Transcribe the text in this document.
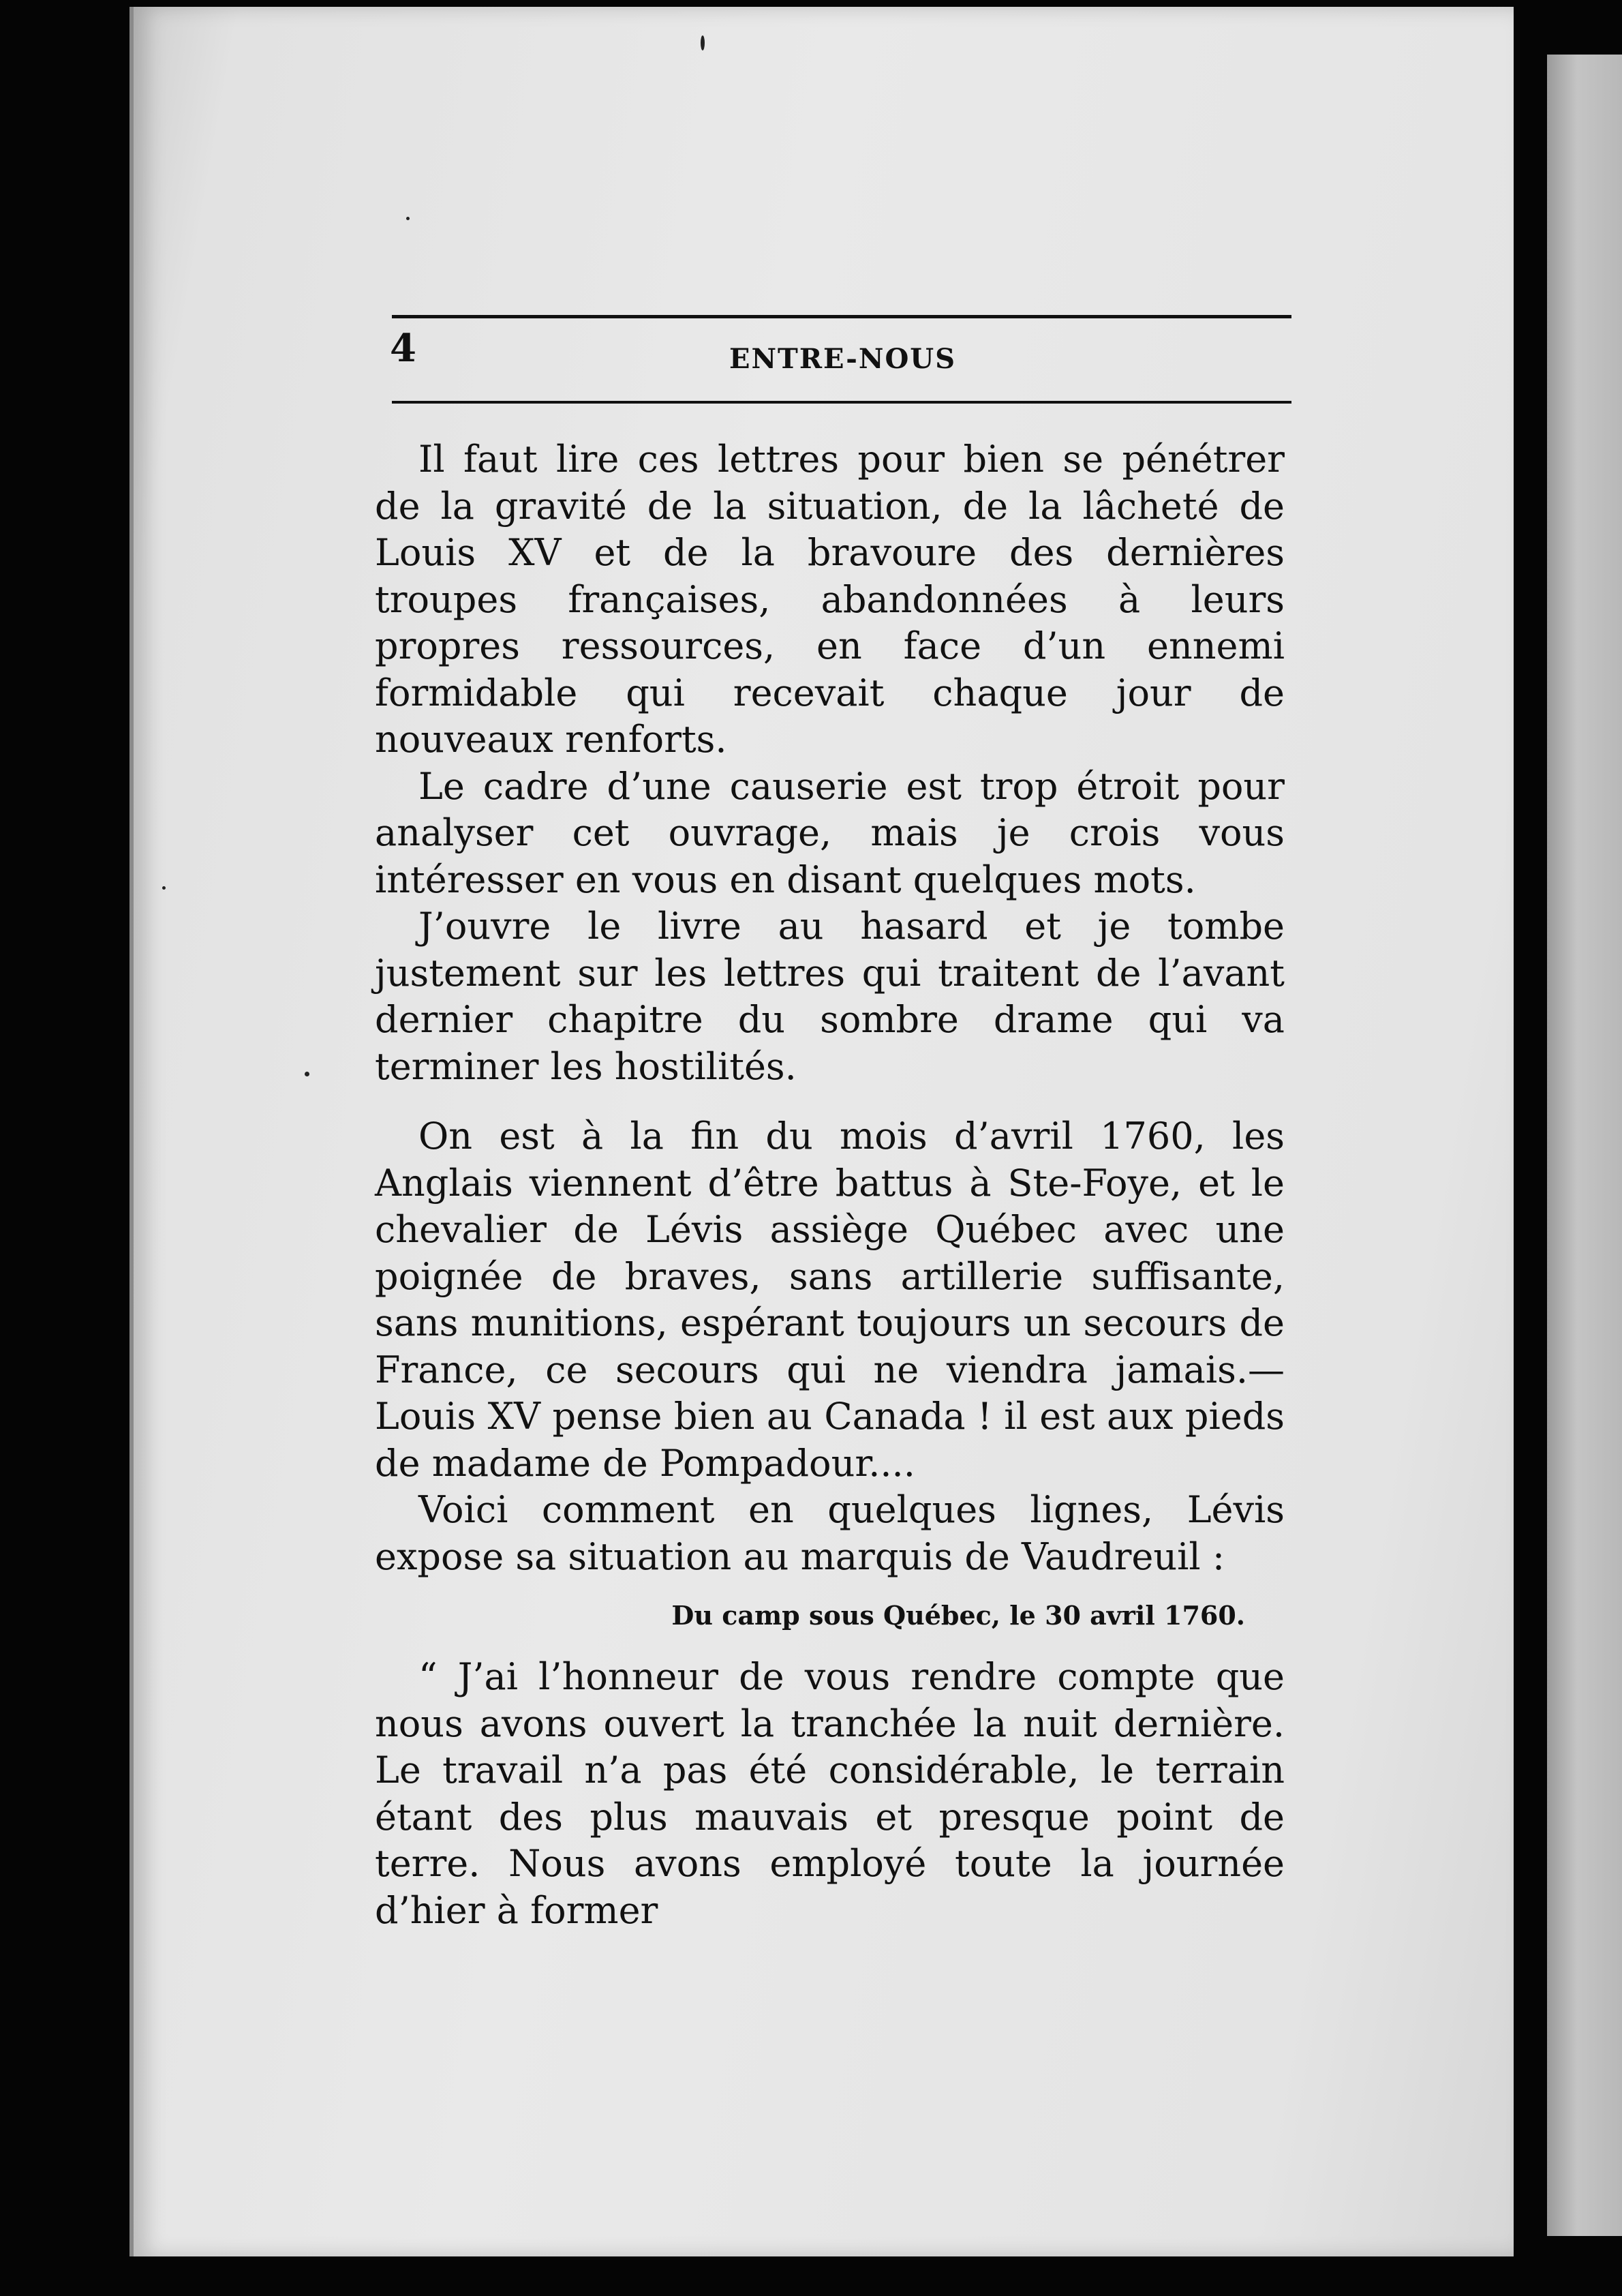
4	ENTRE-NOUS

Il faut lire ces lettres pour bien se pénétrer de la gravité de la situation, de la lâcheté de Louis XV et de la bravoure des dernières troupes françaises, abandonnées à leurs propres ressources, en face d’un ennemi formidable qui recevait chaque jour de nouveaux renforts.

Le cadre d’une causerie est trop étroit pour analyser cet ouvrage, mais je crois vous intéresser en vous en disant quelques mots.

J’ouvre le livre au hasard et je tombe justement sur les lettres qui traitent de l’avant dernier chapitre du sombre drame qui va terminer les hostilités.

On est à la fin du mois d’avril 1760, les Anglais viennent d’être battus à Ste-Foye, et le chevalier de Lévis assiège Québec avec une poignée de braves, sans artillerie suffisante, sans munitions, espérant toujours un secours de France, ce secours qui ne viendra jamais.—Louis XV pense bien au Canada ! il est aux pieds de madame de Pompadour....

Voici comment en quelques lignes, Lévis expose sa situation au marquis de Vaudreuil :

Du camp sous Québec, le 30 avril 1760.

“ J’ai l’honneur de vous rendre compte que nous avons ouvert la tranchée la nuit dernière. Le travail n’a pas été considérable, le terrain étant des plus mauvais et presque point de terre. Nous avons employé toute la journée d’hier à former
